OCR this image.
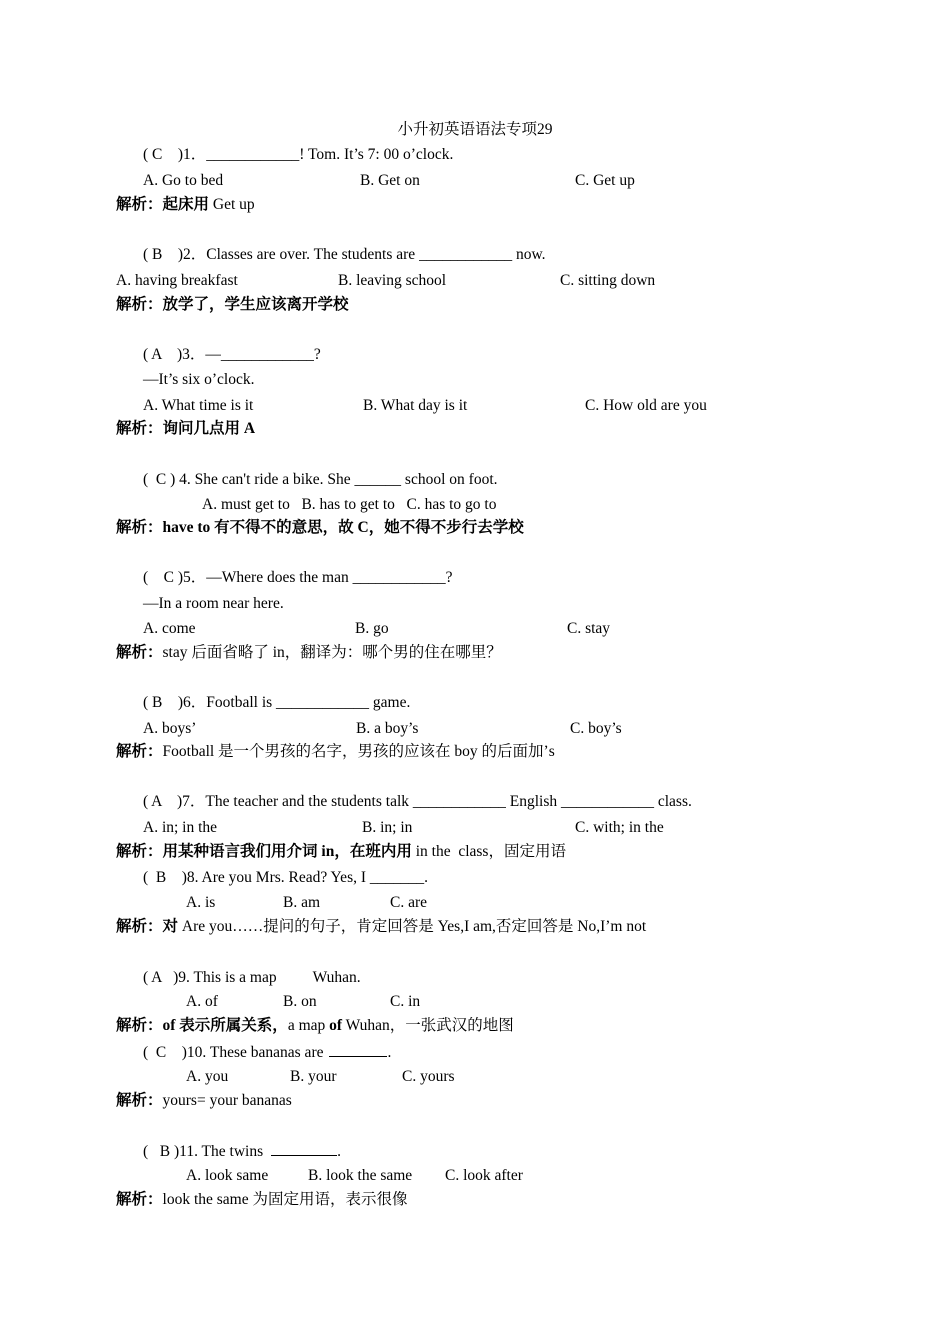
小升初英语语法专项29
( C    )1．____________! Tom. It’s 7: 00 o’clock.
A. Go to bed	B. Get on	C. Get up
解析：起床用 Get up
( B    )2．Classes are over. The students are ____________ now.
A. having breakfast	B. leaving school	C. sitting down
解析：放学了，学生应该离开学校
( A    )3．—____________?
—It’s six o’clock.
A. What time is it	B. What day is it	C. How old are you
解析：询问几点用 A
(  C ) 4. She can't ride a bike. She ______ school on foot.
A. must get to   B. has to get to   C. has to go to
解析：have to 有不得不的意思，故 C，她不得不步行去学校
(    C )5．—Where does the man ____________?
—In a room near here.
A. come	B. go	C. stay
解析：stay 后面省略了 in，翻译为：哪个男的住在哪里？
( B    )6．Football is ____________ game.
A. boys’	B. a boy’s	C. boy’s
解析：Football 是一个男孩的名字，男孩的应该在 boy 的后面加’s
( A    )7．The teacher and the students talk ____________ English ____________ class.
A. in; in the	B. in; in	C. with; in the
解析：用某种语言我们用介词 in，在班内用 in the  class，固定用语
(  B    )8. Are you Mrs. Read? Yes, I _______.
A. is	B. am	C. are
解析：对 Are you……提问的句子，肯定回答是 Yes,I am,否定回答是 No,I’m not
( A   )9. This is a map Wuhan.
A. of	B. on	C. in
解析：of 表示所属关系，a map of Wuhan，一张武汉的地图
(  C    )10. These bananas are	.
A. you	B. your	C. yours
解析：yours= your bananas
(   B )11. The twins	.
A. look same	B. look the same C. look after
解析：look the same 为固定用语，表示很像
